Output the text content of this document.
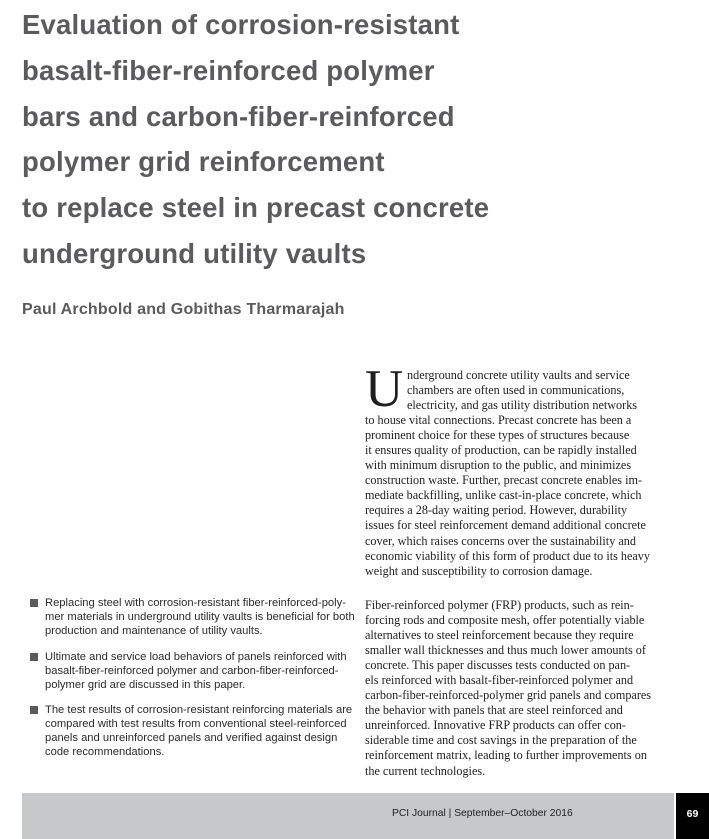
Evaluation of corrosion-resistant
basalt-fiber-reinforced polymer
bars and carbon-fiber-reinforced
polymer grid reinforcement
to replace steel in precast concrete
underground utility vaults
Paul Archbold and Gobithas Tharmarajah
U nderground concrete utility vaults and service
chambers are often used in communications,
electricity, and gas utility distribution networks
to house vital connections. Precast concrete has been a
prominent choice for these types of structures because
it ensures quality of production, can be rapidly installed
with minimum disruption to the public, and minimizes
construction waste. Further, precast concrete enables im-
mediate backfilling, unlike cast-in-place concrete, which
requires a 28-day waiting period. However, durability
issues for steel reinforcement demand additional concrete
cover, which raises concerns over the sustainability and
economic viability of this form of product due to its heavy
weight and susceptibility to corrosion damage.
Fiber-reinforced polymer (FRP) products, such as rein-
forcing rods and composite mesh, offer potentially viable
alternatives to steel reinforcement because they require
smaller wall thicknesses and thus much lower amounts of
concrete. This paper discusses tests conducted on pan-
els reinforced with basalt-fiber-reinforced polymer and
carbon-fiber-reinforced-polymer grid panels and compares
the behavior with panels that are steel reinforced and
unreinforced. Innovative FRP products can offer con-
siderable time and cost savings in the preparation of the
reinforcement matrix, leading to further improvements on
the current technologies.
Replacing steel with corrosion-resistant fiber-reinforced-poly-
mer materials in underground utility vaults is beneficial for both
production and maintenance of utility vaults.
Ultimate and service load behaviors of panels reinforced with
basalt-fiber-reinforced polymer and carbon-fiber-reinforced-
polymer grid are discussed in this paper.
The test results of corrosion-resistant reinforcing materials are
compared with test results from conventional steel-reinforced
panels and unreinforced panels and verified against design
code recommendations.
PCI Journal | September–October 2016	69
